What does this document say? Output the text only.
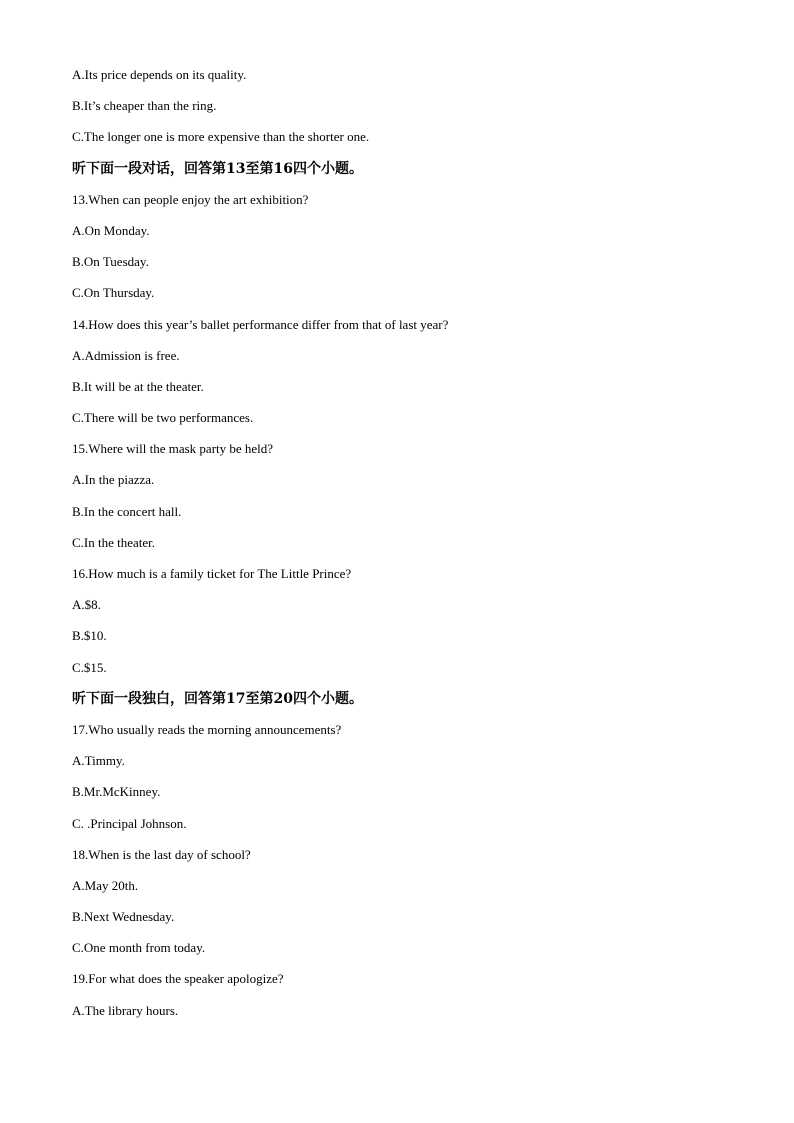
A.Its price depends on its quality.
B.It’s cheaper than the ring.
C.The longer one is more expensive than the shorter one.
听下面一段对话，回答第13至第16四个小题。
13.When can people enjoy the art exhibition?
A.On Monday.
B.On Tuesday.
C.On Thursday.
14.How does this year’s ballet performance differ from that of last year?
A.Admission is free.
B.It will be at the theater.
C.There will be two performances.
15.Where will the mask party be held?
A.In the piazza.
B.In the concert hall.
C.In the theater.
16.How much is a family ticket for The Little Prince?
A.$8.
B.$10.
C.$15.
听下面一段独白，回答第17至第20四个小题。
17.Who usually reads the morning announcements?
A.Timmy.
B.Mr.McKinney.
C. .Principal Johnson.
18.When is the last day of school?
A.May 20th.
B.Next Wednesday.
C.One month from today.
19.For what does the speaker apologize?
A.The library hours.
